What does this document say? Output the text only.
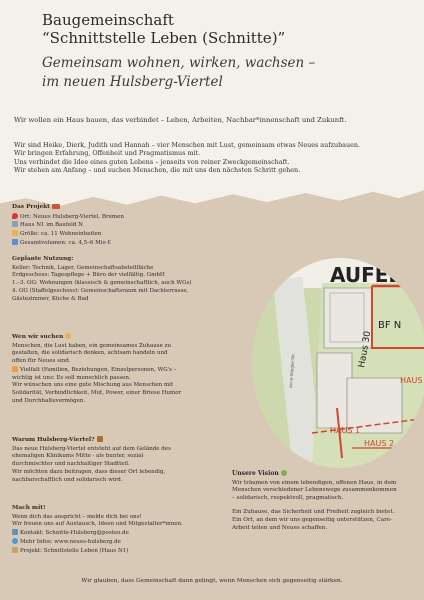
Baugemeinschaft
“Schnittstelle Leben (Schnitte)”
Gemeinsam wohnen, wirken, wachsen –
im neuen Hulsberg-Viertel
Wir wollen ein Haus bauen, das verbindet – Leben, Arbeiten, Nachbar*innenschaft und Zukunft.
Wir sind Heike, Dierk, Judith und Hannah – vier Menschen mit Lust, gemeinsam etwas Neues aufzubauen.
Wir bringen Erfahrung, Offenheit und Pragmatismus mit.
Uns verbindet die Idee eines guten Lebens – jenseits von reiner Zweckgemeinschaft.
Wir stehen am Anfang – und suchen Menschen, die mit uns den nächsten Schritt gehen.
Das Projekt
Ort: Neues Hulsberg-Viertel, Bremen
Haus N1 im Baufeld N
Größe: ca. 11 Wohneinheiten
Gesamtvolumen: ca. 4,5–6 Mio €
Geplante Nutzung:
Keller: Technik, Lager, Gemeinschaftsabstellfläche
Erdgeschoss: Tagespflege + Büro der vielfältig. GmbH
1.–3. OG: Wohnungen (klassisch & gemeinschaftlich, auch WGs)
4. OG (Staffelgeschoss): Gemeinschaftsraum mit Dachterrasse,
Gästezimmer, Küche & Bad
Wen wir suchen
Menschen, die Lust haben, ein gemeinsames Zuhause zu
gestalten, die solidarisch denken, achtsam handeln und
offen für Neues sind.
Vielfalt (Familien, Beziehungen, Einzelpersonen, WG's –
wichtig ist uns: Es soll menschlich passen.
Wir wünschen uns eine gute Mischung aus Menschen mit
Solidarität, Verbindlichkeit, Mut, Power, einer Briese Humor
und Durchhaltevermögen.
Warum Hulsberg-Viertel?
Das neue Hulsberg-Viertel entsteht auf dem Gelände des
ehemaligen Klinikums Mitte - als bunter, sozial
durchmischter und nachhaltiger Stadtteil.
Wir möchten dazu beitragen, dass dieser Ort lebendig,
nachbarschaftlich und solidarisch wird.
Mach mit!
Wenn dich das anspricht – melde dich bei uns!
Wir freuen uns auf Austausch, Ideen und Mitgestalter*innen.
Kontakt: Schnitte-Hulsberg@posteo.de
Mehr Infos: www.neues-hulsberg.de
Projekt: Schnittstelle Leben (Haus N1)
AUFELD
BF N
Haus 30
HAUS
HAUS 1
HAUS 2
Anna-Stiegler-Str.
Unsere Vision
Wir träumen von einem lebendigen, offenen Haus, in dem
Menschen verschiedener Lebenswege zusammenkommen
– solidarisch, respektvoll, pragmatisch.
Ein Zuhause, das Sicherheit und Freiheit zugleich bietet.
Ein Ort, an dem wir uns gegenseitig unterstützen, Care-
Arbeit teilen und Neues schaffen.
Wir glauben, dass Gemeinschaft dann gelingt, wenn Menschen sich gegenseitig stärken.
